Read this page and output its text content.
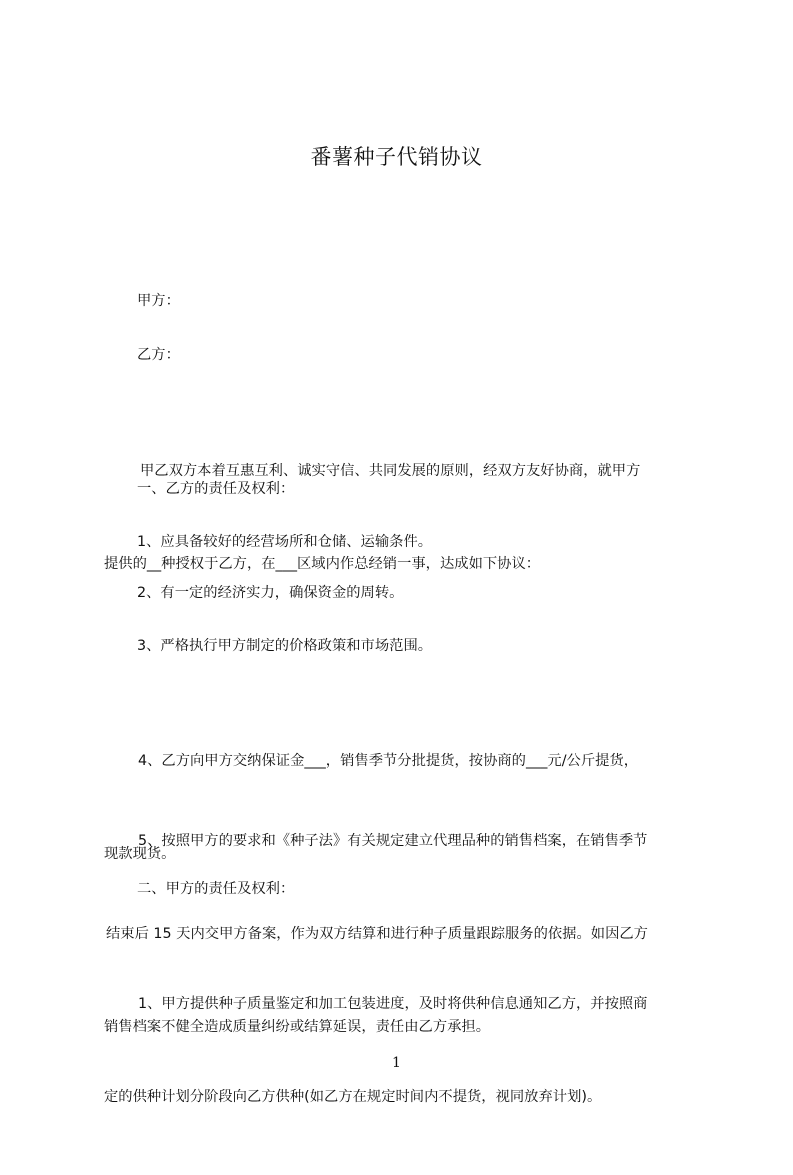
番薯种子代销协议
甲方：
乙方：

甲乙双方本着互惠互利、诚实守信、共同发展的原则，经双方友好协商，就甲方

提供的__种授权于乙方，在___区域内作总经销一事，达成如下协议：

一、乙方的责任及权利：
1、应具备较好的经营场所和仓储、运输条件。
2、有一定的经济实力，确保资金的周转。
3、严格执行甲方制定的价格政策和市场范围。

4、乙方向甲方交纳保证金___，销售季节分批提货，按协商的___元/公斤提货，

现款现货。

5、按照甲方的要求和《种子法》有关规定建立代理品种的销售档案，在销售季节

结束后 15 天内交甲方备案，作为双方结算和进行种子质量跟踪服务的依据。如因乙方

销售档案不健全造成质量纠纷或结算延误，责任由乙方承担。

二、甲方的责任及权利：

1、甲方提供种子质量鉴定和加工包装进度，及时将供种信息通知乙方，并按照商

定的供种计划分阶段向乙方供种(如乙方在规定时间内不提货，视同放弃计划)。

1
